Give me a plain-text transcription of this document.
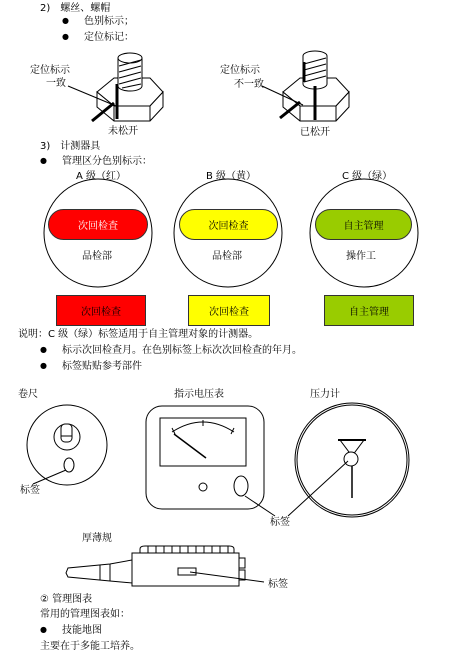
2)　螺丝、螺帽
● 色别标示；
● 定位标记：
定位标示
一致
未松开
定位标示
不一致
已松开
3)　计测器具
● 管理区分色别标示：
A 级（红）	B 级（黄）	C 级（绿）
次回检査	次回检查	自主管理
品检部	品检部	操作工
次回检查	次回检查	自主管理
说明：C 级（绿）标签适用于自主管理对象的计测器。
● 标示次回检查月。在色别标签上标次次回检查的年月。
● 标签贴贴参考部件
卷尺
标签
指示电压表
标签
压力计
厚薄规
标签
② 管理图表
常用的管理图表如：
● 技能地图
主要在于多能工培养。
